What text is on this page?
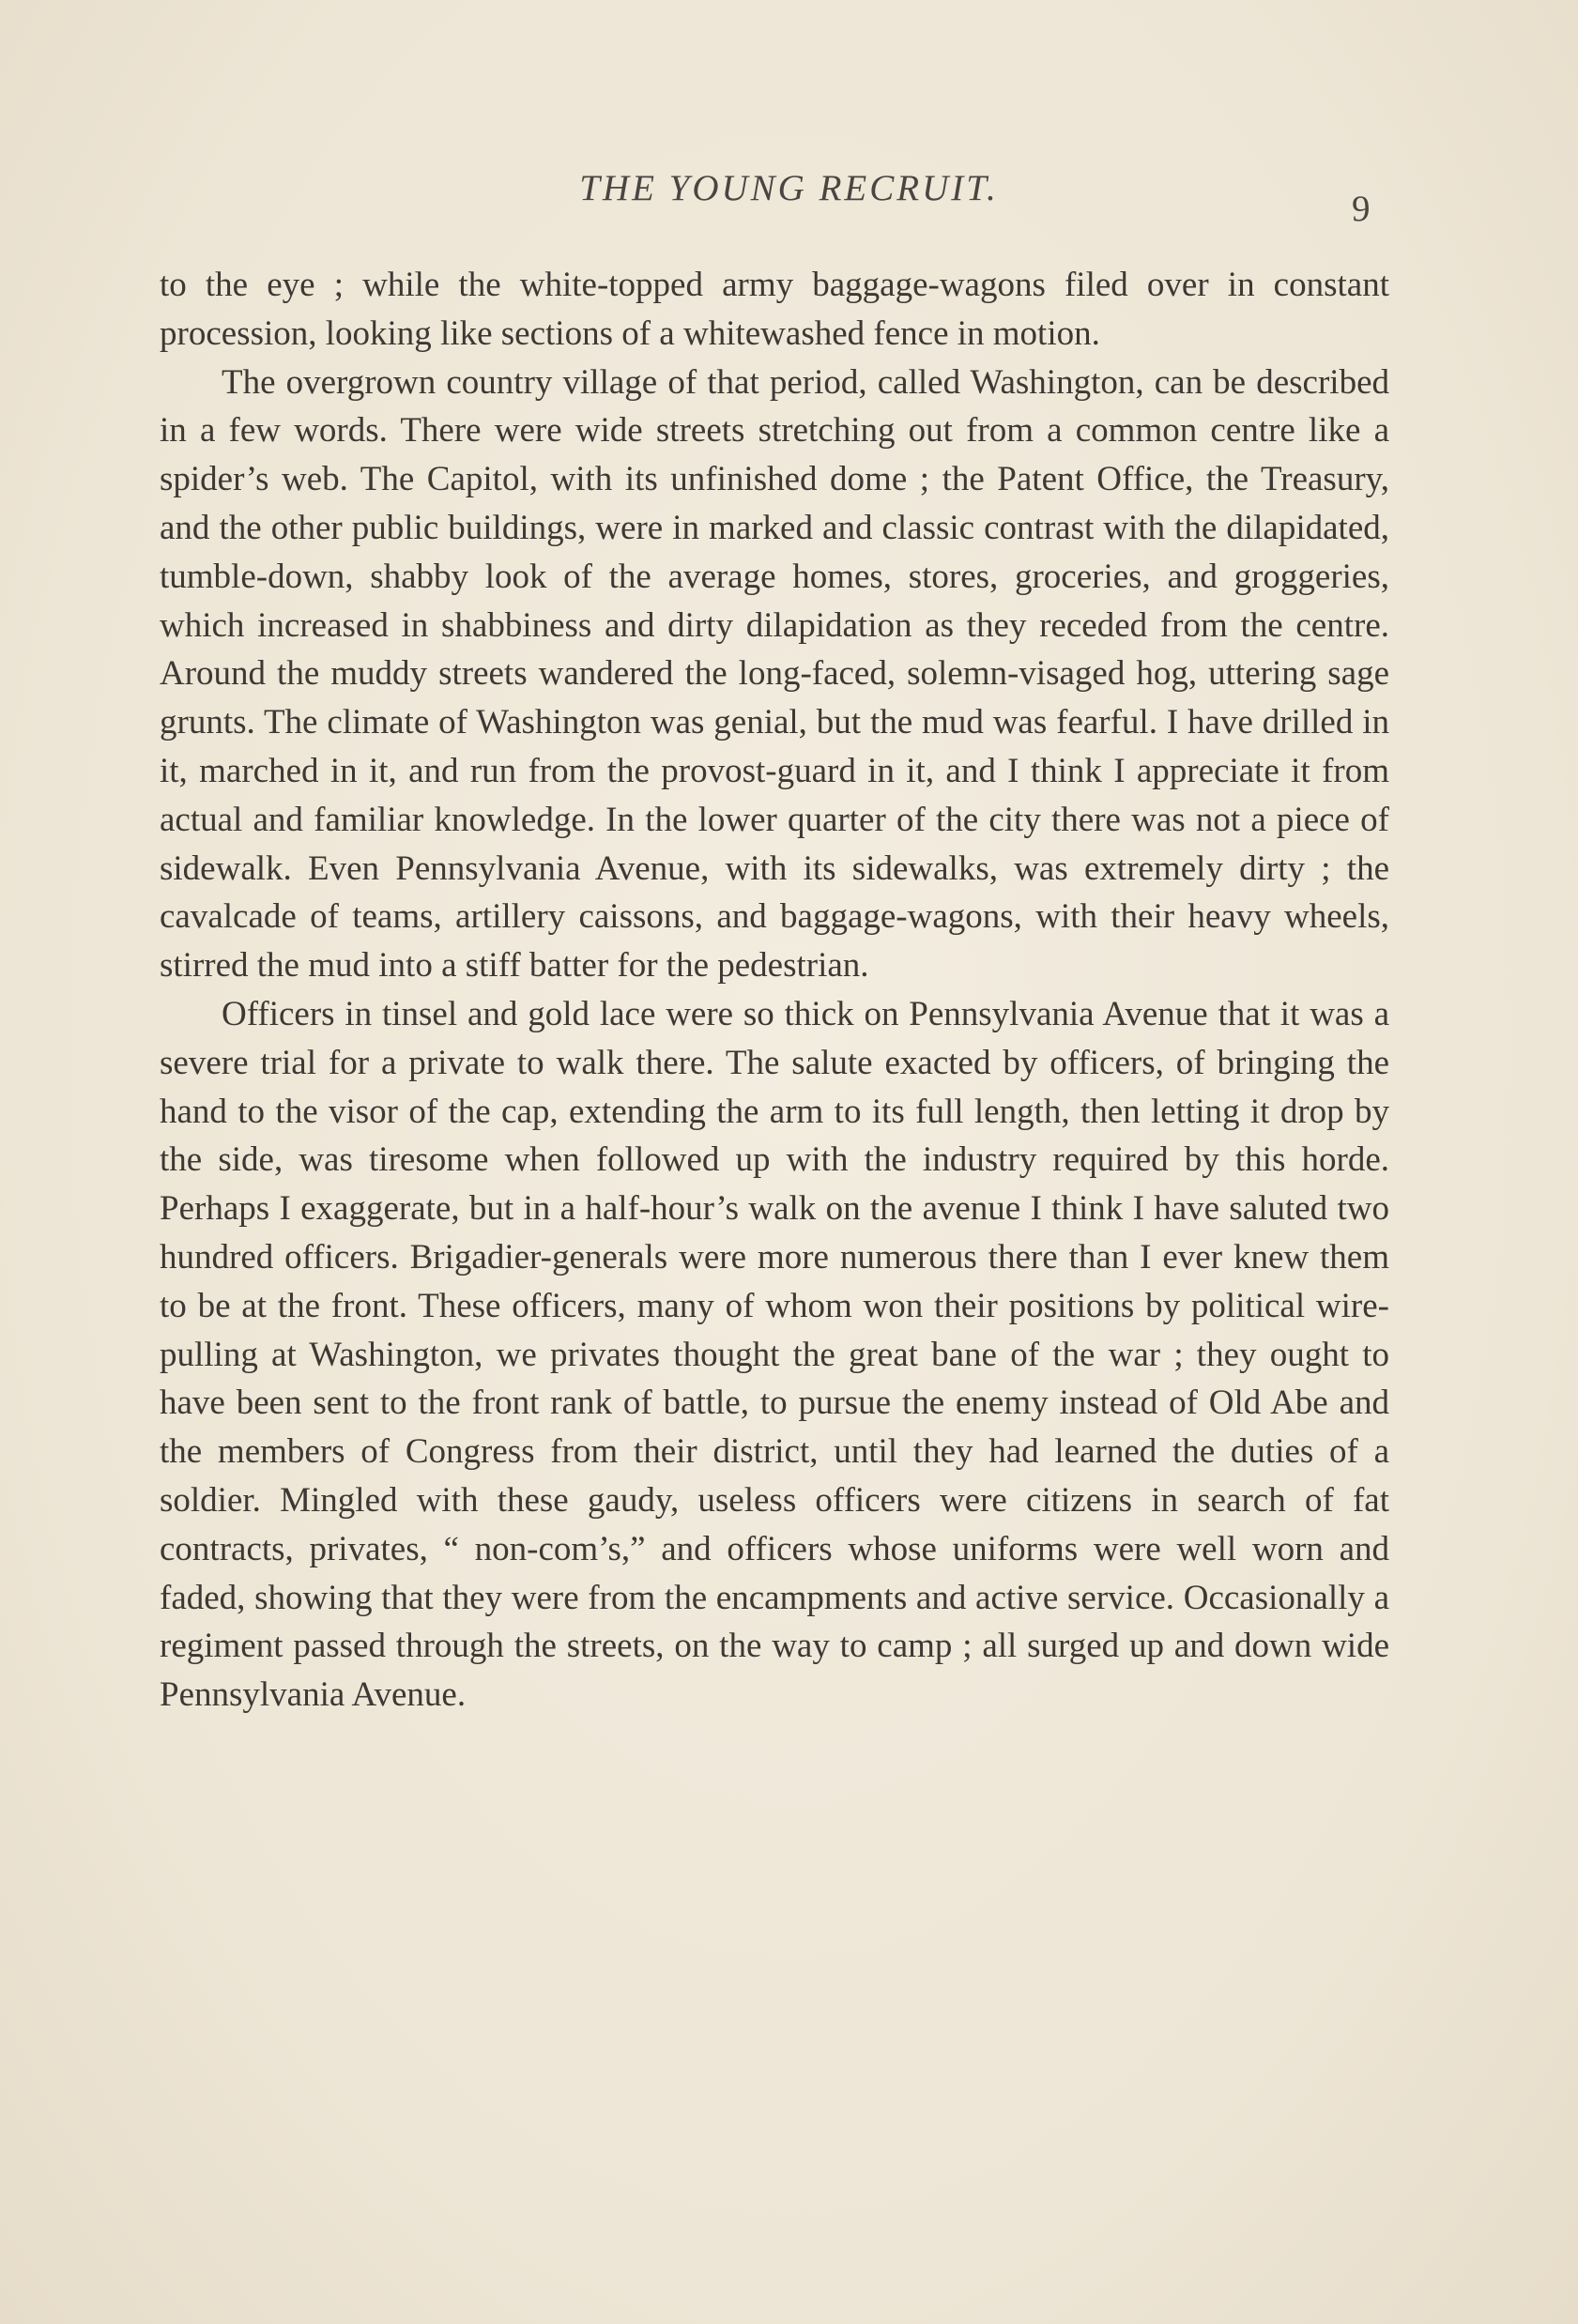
THE YOUNG RECRUIT.
9

to the eye ; while the white-topped army baggage-wagons filed over in constant procession, looking like sections of a whitewashed fence in motion.

The overgrown country village of that period, called Washington, can be described in a few words. There were wide streets stretching out from a common centre like a spider’s web. The Capitol, with its unfinished dome ; the Patent Office, the Treasury, and the other public buildings, were in marked and classic contrast with the dilapidated, tumble-down, shabby look of the average homes, stores, groceries, and groggeries, which increased in shabbiness and dirty dilapidation as they receded from the centre. Around the muddy streets wandered the long-faced, solemn-visaged hog, uttering sage grunts. The climate of Washington was genial, but the mud was fearful. I have drilled in it, marched in it, and run from the provost-guard in it, and I think I appreciate it from actual and familiar knowledge. In the lower quarter of the city there was not a piece of sidewalk. Even Pennsylvania Avenue, with its sidewalks, was extremely dirty ; the cavalcade of teams, artillery caissons, and baggage-wagons, with their heavy wheels, stirred the mud into a stiff batter for the pedestrian.

Officers in tinsel and gold lace were so thick on Pennsylvania Avenue that it was a severe trial for a private to walk there. The salute exacted by officers, of bringing the hand to the visor of the cap, extending the arm to its full length, then letting it drop by the side, was tiresome when followed up with the industry required by this horde. Perhaps I exaggerate, but in a half-hour’s walk on the avenue I think I have saluted two hundred officers. Brigadier-generals were more numerous there than I ever knew them to be at the front. These officers, many of whom won their positions by political wire-pulling at Washington, we privates thought the great bane of the war ; they ought to have been sent to the front rank of battle, to pursue the enemy instead of Old Abe and the members of Congress from their district, until they had learned the duties of a soldier. Mingled with these gaudy, useless officers were citizens in search of fat contracts, privates, “ non-com’s,” and officers whose uniforms were well worn and faded, showing that they were from the encampments and active service. Occasionally a regiment passed through the streets, on the way to camp ; all surged up and down wide Pennsylvania Avenue.
